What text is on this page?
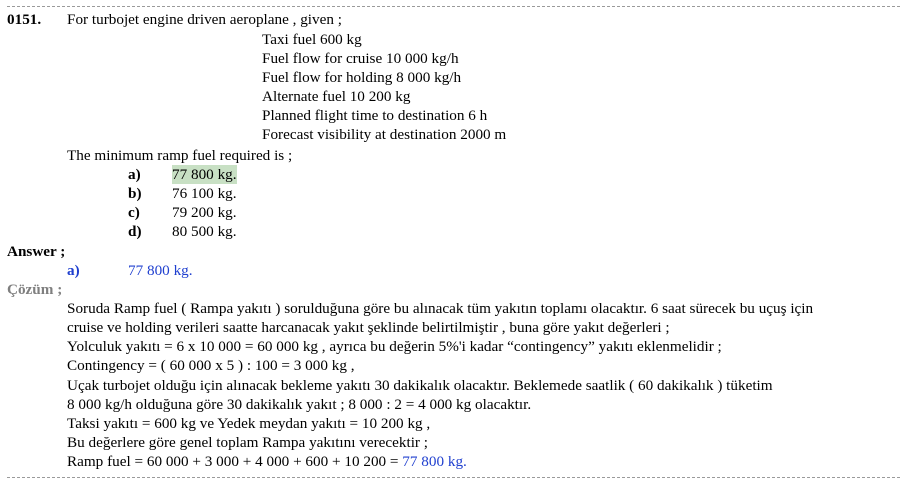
0151. For turbojet engine driven aeroplane , given ;
Taxi fuel 600 kg
Fuel flow for cruise 10 000 kg/h
Fuel flow for holding 8 000 kg/h
Alternate fuel 10 200 kg
Planned flight time to destination 6 h
Forecast visibility at destination 2000 m
The minimum ramp fuel required is ;
a) 77 800 kg.
b) 76 100 kg.
c) 79 200 kg.
d) 80 500 kg.
Answer ;
a)	77 800 kg.
Çözüm ;
Soruda Ramp fuel ( Rampa yakıtı ) sorulduğuna göre bu alınacak tüm yakıtın toplamı olacaktır. 6 saat sürecek bu uçuş için
cruise ve holding verileri saatte harcanacak yakıt şeklinde belirtilmiştir , buna göre yakıt değerleri ;
Yolculuk yakıtı = 6 x 10 000 = 60 000 kg , ayrıca bu değerin 5%'i kadar “contingency” yakıtı eklenmelidir ;
Contingency = ( 60 000 x 5 ) : 100 = 3 000 kg ,
Uçak turbojet olduğu için alınacak bekleme yakıtı 30 dakikalık olacaktır. Beklemede saatlik ( 60 dakikalık ) tüketim
8 000 kg/h olduğuna göre 30 dakikalık yakıt ; 8 000 : 2 = 4 000 kg olacaktır.
Taksi yakıtı = 600 kg ve Yedek meydan yakıtı = 10 200 kg ,
Bu değerlere göre genel toplam Rampa yakıtını verecektir ;
Ramp fuel = 60 000 + 3 000 + 4 000 + 600 + 10 200 = 77 800 kg.
